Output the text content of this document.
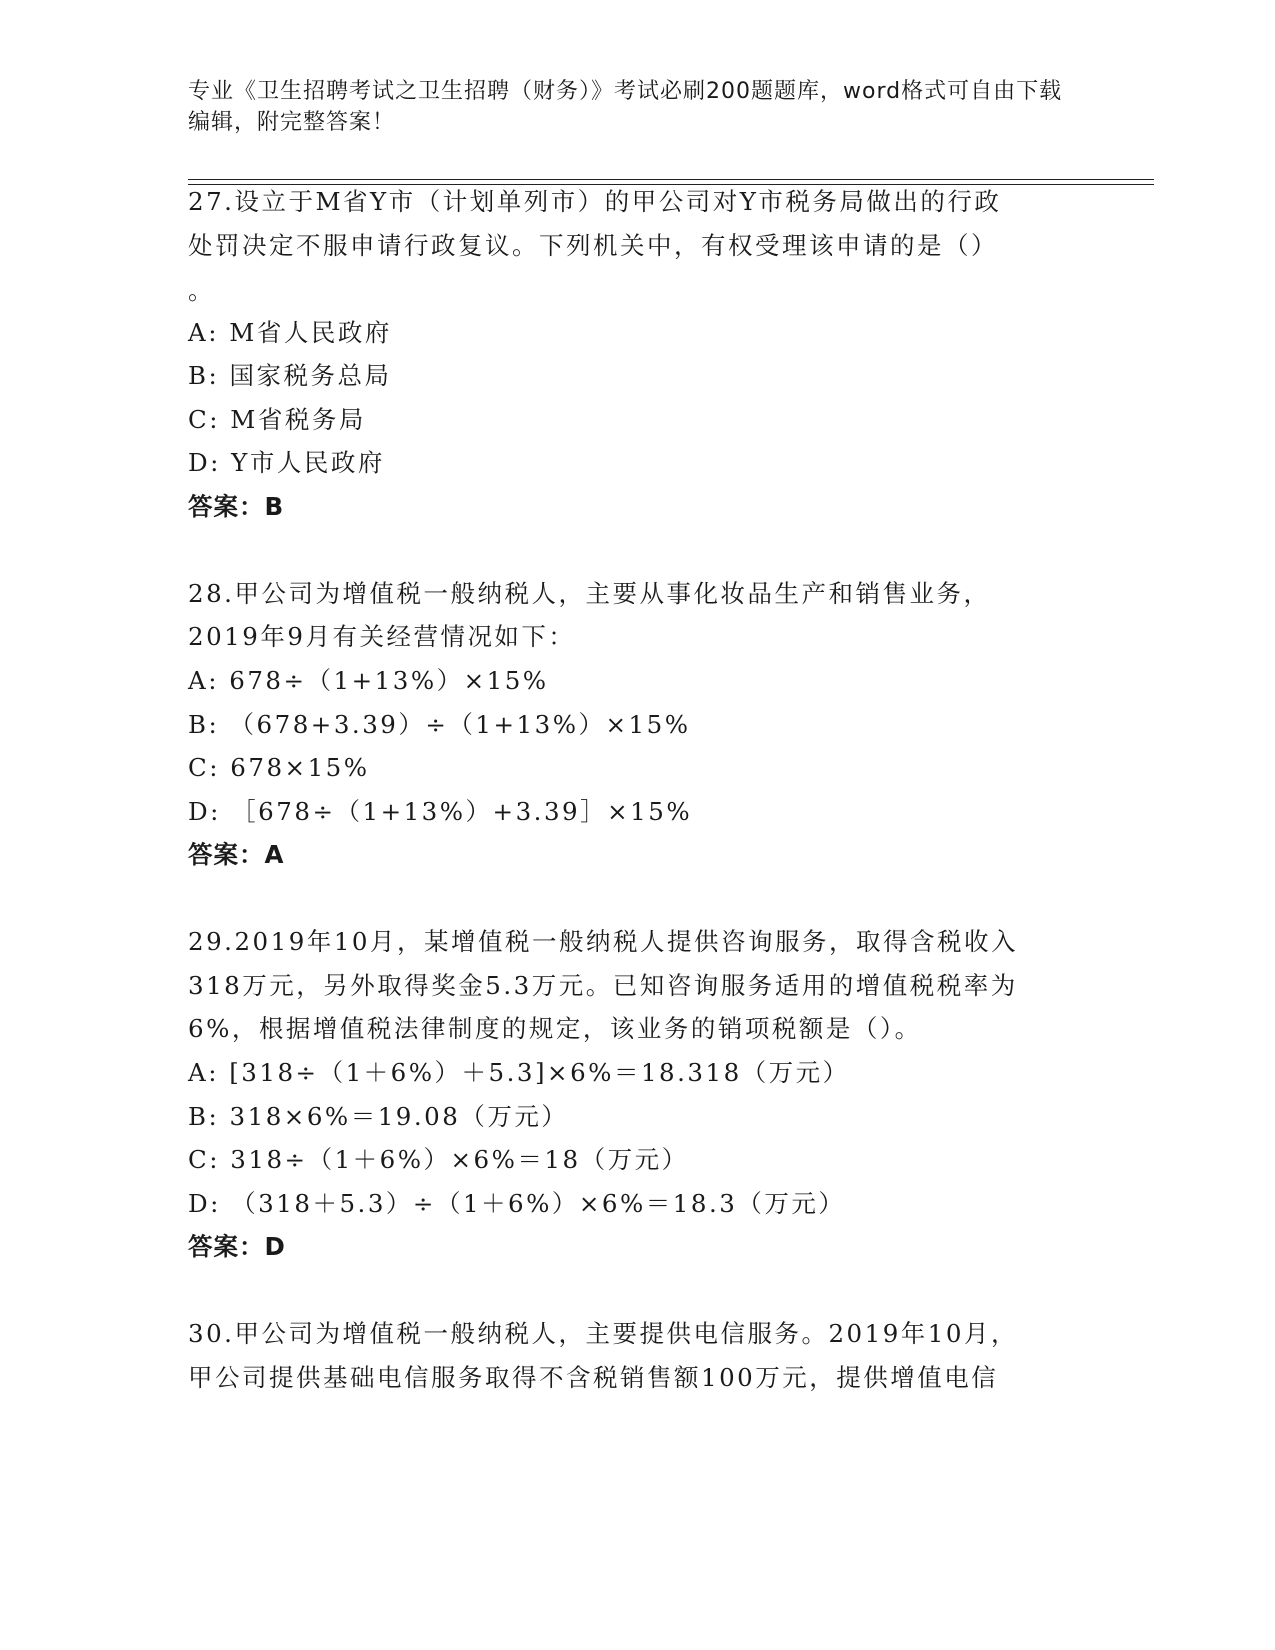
专业《卫生招聘考试之卫生招聘（财务）》考试必刷200题题库，word格式可自由下载编辑，附完整答案！
27.设立于M省Y市（计划单列市）的甲公司对Y市税务局做出的行政
处罚决定不服申请行政复议。下列机关中，有权受理该申请的是（）
。
A: M省人民政府
B: 国家税务总局
C: M省税务局
D: Y市人民政府
答案：B
28.甲公司为增值税一般纳税人，主要从事化妆品生产和销售业务，
2019年9月有关经营情况如下：
A: 678÷（1+13%）×15%
B: （678+3.39）÷（1+13%）×15%
C: 678×15%
D: ［678÷（1+13%）+3.39］×15%
答案：A
29.2019年10月，某增值税一般纳税人提供咨询服务，取得含税收入
318万元，另外取得奖金5.3万元。已知咨询服务适用的增值税税率为
6%，根据增值税法律制度的规定，该业务的销项税额是（）。
A: [318÷（1＋6%）＋5.3]×6%＝18.318（万元）
B: 318×6%＝19.08（万元）
C: 318÷（1＋6%）×6%＝18（万元）
D: （318＋5.3）÷（1＋6%）×6%＝18.3（万元）
答案：D
30.甲公司为增值税一般纳税人，主要提供电信服务。2019年10月，
甲公司提供基础电信服务取得不含税销售额100万元，提供增值电信
